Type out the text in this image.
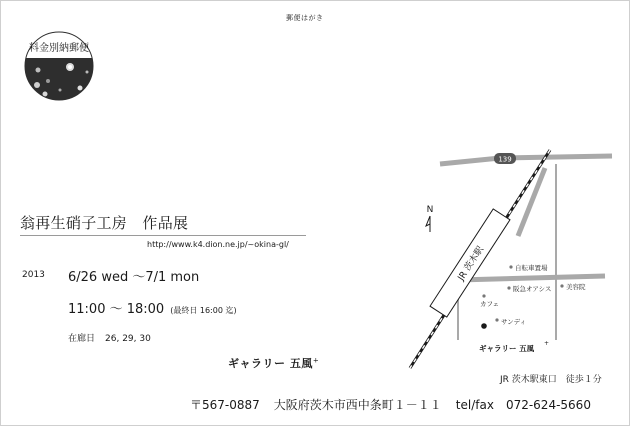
郵便はがき
料金別納郵便
翁再生硝子工房　作品展
http://www.k4.dion.ne.jp/~okina-gl/
2013 6/26 wed ～7/1 mon
11:00 ～ 18:00 (最終日 16:00 迄)
在廊日 26, 29, 30
ギャラリー 五風+
139
JR 茨木駅
N
自転車置場
阪急オアシス 美容院
カフェ
サンディ
ギャラリー 五風
+
JR 茨木駅東口　徒歩１分
〒567-0887 大阪府茨木市西中条町１－１１ tel/fax　072-624-5660
